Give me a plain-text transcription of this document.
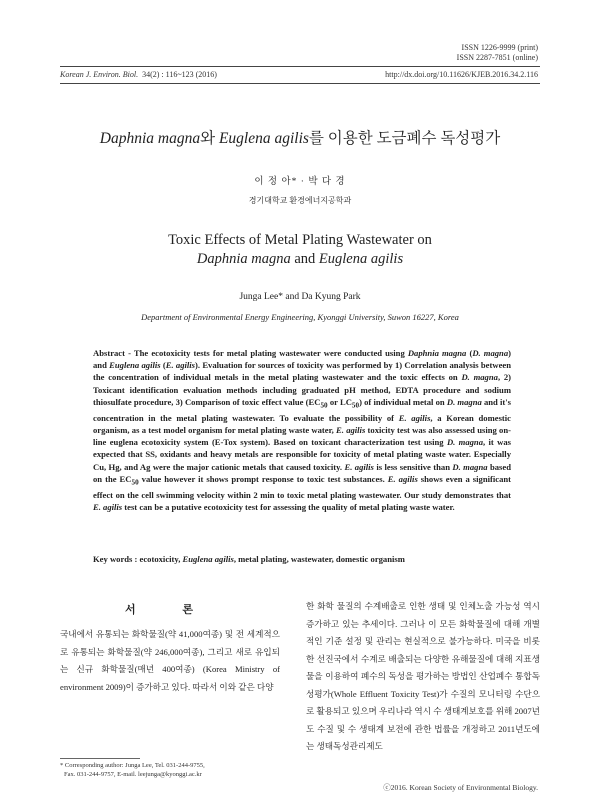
ISSN 1226-9999 (print)
ISSN 2287-7851 (online)
Korean J. Environ. Biol. 34(2) : 116~123 (2016)	http://dx.doi.org/10.11626/KJEB.2016.34.2.116
Daphnia magna와 Euglena agilis를 이용한 도금폐수 독성평가
이 정 아* · 박 다 경
경기대학교 환경에너지공학과
Toxic Effects of Metal Plating Wastewater on
Daphnia magna and Euglena agilis
Junga Lee* and Da Kyung Park
Department of Environmental Energy Engineering, Kyonggi University, Suwon 16227, Korea
Abstract - The ecotoxicity tests for metal plating wastewater were conducted using Daphnia magna (D. magna) and Euglena agilis (E. agilis). Evaluation for sources of toxicity was performed by 1) Correlation analysis between the concentration of individual metals in the metal plating wastewater and the toxic effects on D. magna, 2) Toxicant identification evaluation methods including graduated pH method, EDTA procedure and sodium thiosulfate procedure, 3) Comparison of toxic effect value ($EC_{50}$ or $LC_{50}$) of individual metal on D. magna and it's concentration in the metal plating wastewater. To evaluate the possibility of E. agilis, a Korean domestic organism, as a test model organism for metal plating waste water, E. agilis toxicity test was also assessed using on-line euglena ecotoxicity system (E-Tox system). Based on toxicant characterization test using D. magna, it was expected that SS, oxidants and heavy metals are responsible for toxicity of metal plating waste water. Especially Cu, Hg, and Ag were the major cationic metals that caused toxicity. E. agilis is less sensitive than D. magna based on the $EC_{50}$ value however it shows prompt response to toxic test substances. E. agilis shows even a significant effect on the cell swimming velocity within 2 min to toxic metal plating wastewater. Our study demonstrates that E. agilis test can be a putative ecotoxicity test for assessing the quality of metal plating waste water.
Key words : ecotoxicity, Euglena agilis, metal plating, wastewater, domestic organism
서 론
국내에서 유통되는 화학물질(약 41,000여종) 및 전 세계적으로 유통되는 화학물질(약 246,000여종), 그리고 새로 유입되는 신규 화학물질(매년 400여종) (Korea Ministry of environment 2009)이 증가하고 있다. 따라서 이와 같은 다양
한 화학 물질의 수계배출로 인한 생태 및 인체노출 가능성 역시 증가하고 있는 추세이다. 그러나 이 모든 화학물질에 대해 개별적인 기준 설정 및 관리는 현실적으로 불가능하다. 미국을 비롯한 선진국에서 수계로 배출되는 다양한 유해물질에 대해 지표생물을 이용하여 폐수의 독성을 평가하는 방법인 산업폐수 통합독성평가(Whole Effluent Toxicity Test)가 수질의 모니터링 수단으로 활용되고 있으며 우리나라 역시 수 생태계보호를 위해 2007년도 수질 및 수 생태계 보전에 관한 법률을 개정하고 2011년도에는 생태독성관리제도
* Corresponding author: Junga Lee, Tel. 031-244-9755,
Fax. 031-244-9757, E-mail. leejunga@kyonggi.ac.kr
ⓒ2016. Korean Society of Environmental Biology.
